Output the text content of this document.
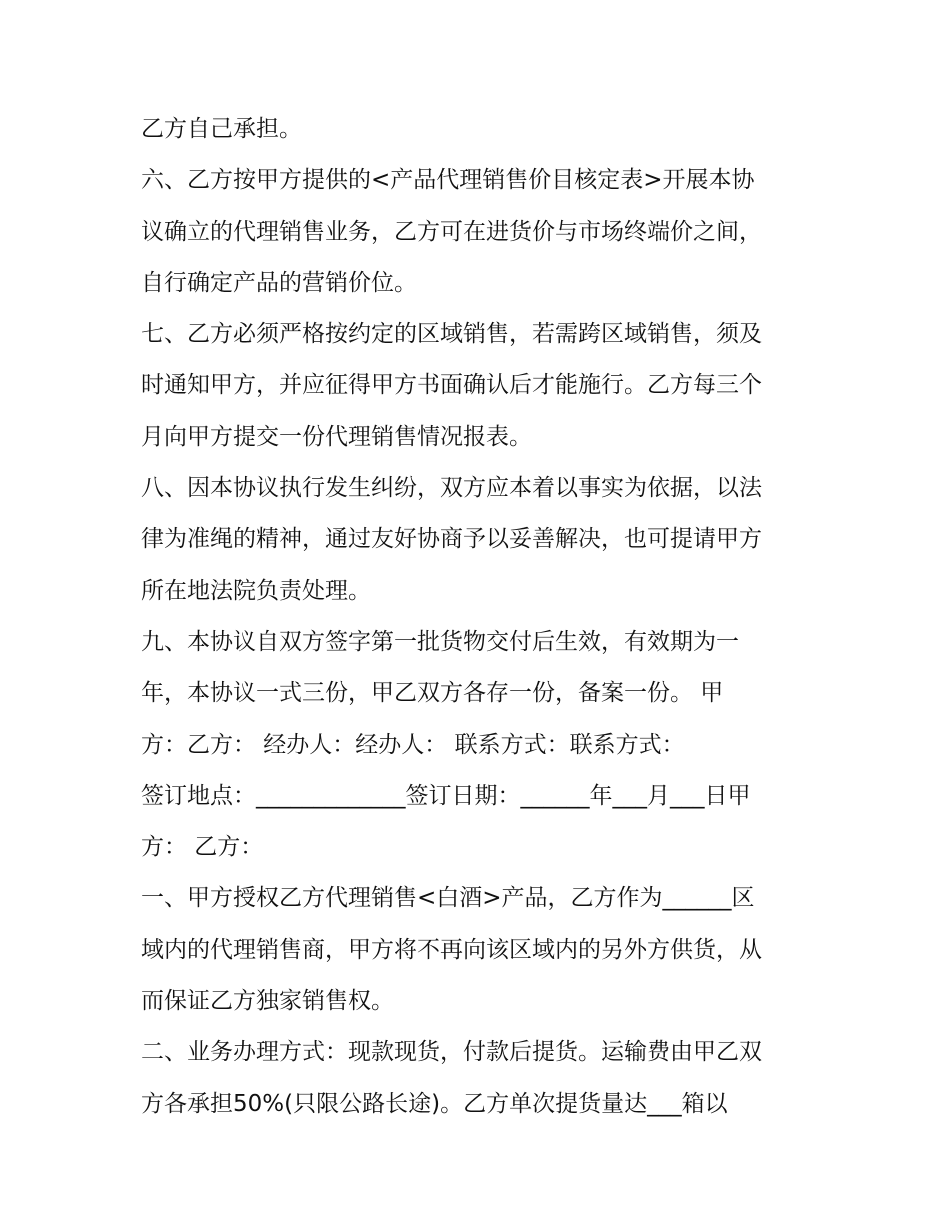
乙方自己承担。
六、乙方按甲方提供的<产品代理销售价目核定表>开展本协
议确立的代理销售业务，乙方可在进货价与市场终端价之间，
自行确定产品的营销价位。
七、乙方必须严格按约定的区域销售，若需跨区域销售，须及
时通知甲方，并应征得甲方书面确认后才能施行。乙方每三个
月向甲方提交一份代理销售情况报表。
八、因本协议执行发生纠纷，双方应本着以事实为依据，以法
律为准绳的精神，通过友好协商予以妥善解决，也可提请甲方
所在地法院负责处理。
九、本协议自双方签字第一批货物交付后生效，有效期为一
年，本协议一式三份，甲乙双方各存一份，备案一份。 甲
方：乙方： 经办人：经办人： 联系方式：联系方式：
签订地点：_____________签订日期：______年___月___日甲
方： 乙方：
一、甲方授权乙方代理销售<白酒>产品，乙方作为______区
域内的代理销售商，甲方将不再向该区域内的另外方供货，从
而保证乙方独家销售权。
二、业务办理方式：现款现货，付款后提货。运输费由甲乙双
方各承担50%(只限公路长途)。乙方单次提货量达___箱以
